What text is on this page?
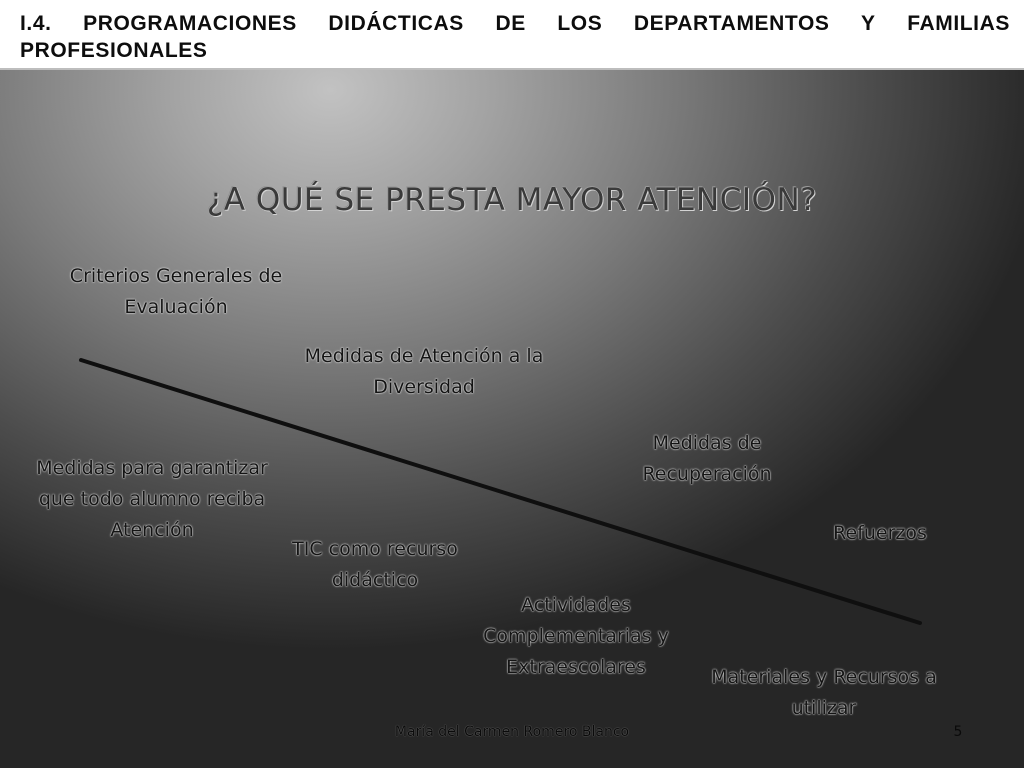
I.4. PROGRAMACIONES DIDÁCTICAS DE LOS DEPARTAMENTOS Y FAMILIAS
PROFESIONALES
¿A QUÉ SE PRESTA MAYOR ATENCIÓN?
Criterios Generales de
Evaluación
Medidas de Atención a la
Diversidad
Medidas de
Recuperación
Medidas para garantizar
que todo alumno reciba
Atención	Refuerzos
TIC como recurso
didáctico
Actividades
Complementarias y
Extraescolares	Materiales y Recursos a
utilizar
María del Carmen Romero Blanco	5
